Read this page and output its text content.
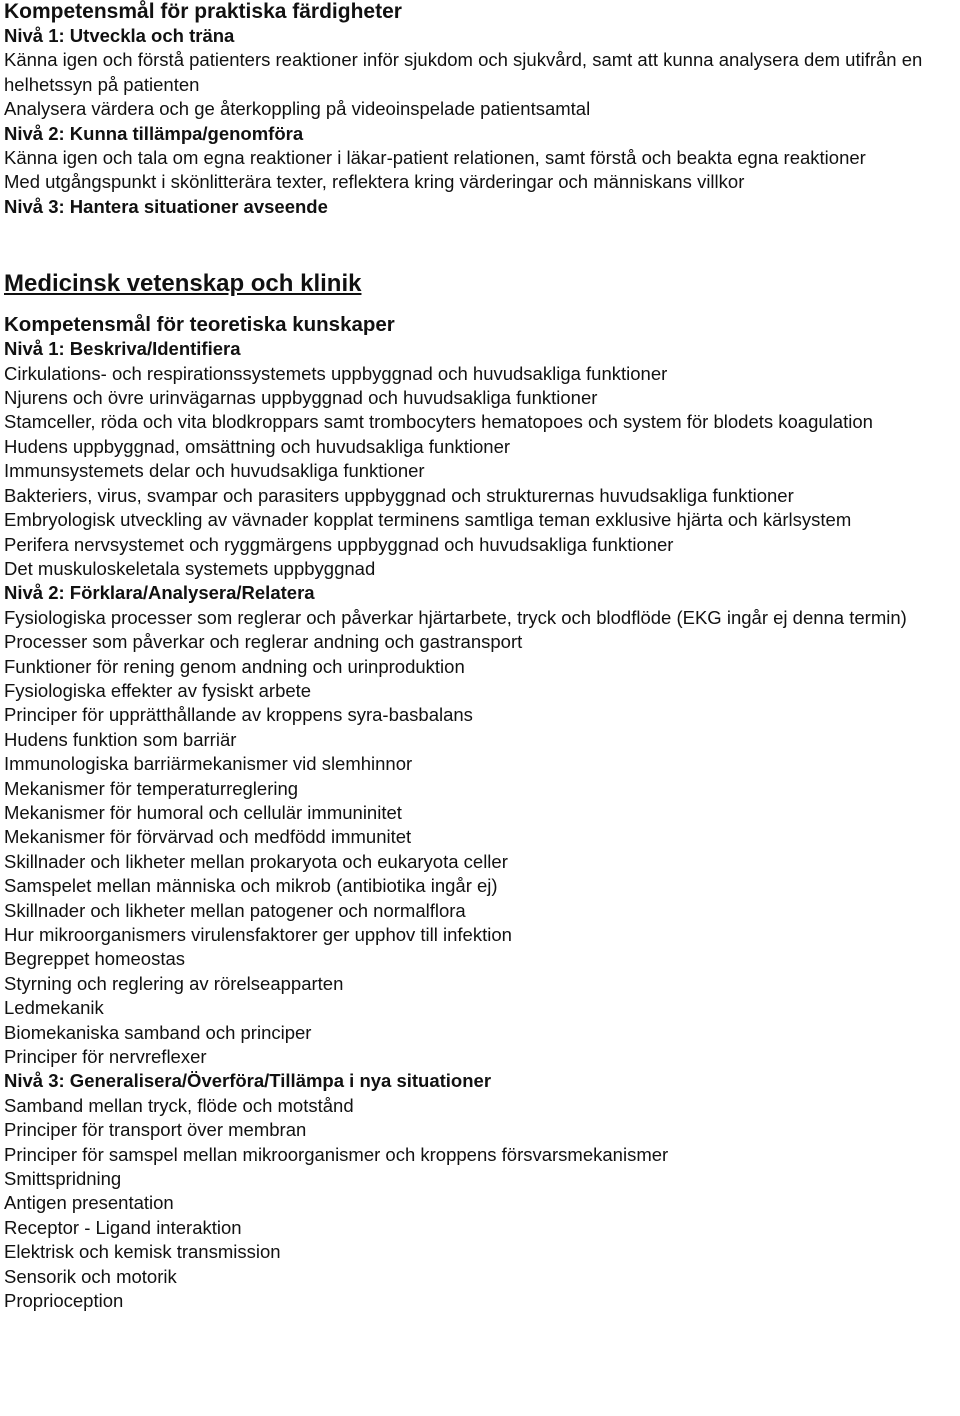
Kompetensmål för praktiska färdigheter
Nivå 1: Utveckla och träna
Känna igen och förstå patienters reaktioner inför sjukdom och sjukvård, samt att kunna analysera dem utifrån en helhetssyn på patienten
Analysera värdera och ge återkoppling på videoinspelade patientsamtal
Nivå 2: Kunna tillämpa/genomföra
Känna igen och tala om egna reaktioner i läkar-patient relationen, samt förstå och beakta egna reaktioner
Med utgångspunkt i skönlitterära texter, reflektera kring värderingar och människans villkor
Nivå 3: Hantera situationer avseende
Medicinsk vetenskap och klinik
Kompetensmål för teoretiska kunskaper
Nivå 1: Beskriva/Identifiera
Cirkulations- och respirationssystemets uppbyggnad och huvudsakliga funktioner
Njurens och övre urinvägarnas uppbyggnad och huvudsakliga funktioner
Stamceller, röda och vita blodkroppars samt trombocyters hematopoes och system för blodets koagulation
Hudens uppbyggnad, omsättning och huvudsakliga funktioner
Immunsystemets delar och huvudsakliga funktioner
Bakteriers, virus, svampar och parasiters uppbyggnad och strukturernas huvudsakliga funktioner
Embryologisk utveckling av vävnader kopplat terminens samtliga teman exklusive hjärta och kärlsystem
Perifera nervsystemet och ryggmärgens uppbyggnad och huvudsakliga funktioner
Det muskuloskeletala systemets uppbyggnad
Nivå 2: Förklara/Analysera/Relatera
Fysiologiska processer som reglerar och påverkar hjärtarbete, tryck och blodflöde (EKG ingår ej denna termin)
Processer som påverkar och reglerar andning och gastransport
Funktioner för rening genom andning och urinproduktion
Fysiologiska effekter av fysiskt arbete
Principer för upprätthållande av kroppens syra-basbalans
Hudens funktion som barriär
Immunologiska barriärmekanismer vid slemhinnor
Mekanismer för temperaturreglering
Mekanismer för humoral och cellulär immuninitet
Mekanismer för förvärvad och medfödd immunitet
Skillnader och likheter mellan prokaryota och eukaryota celler
Samspelet mellan människa och mikrob (antibiotika ingår ej)
Skillnader och likheter mellan patogener och normalflora
Hur mikroorganismers virulensfaktorer ger upphov till infektion
Begreppet homeostas
Styrning och reglering av rörelseapparten
Ledmekanik
Biomekaniska samband och principer
Principer för nervreflexer
Nivå 3: Generalisera/Överföra/Tillämpa i nya situationer
Samband mellan tryck, flöde och motstånd
Principer för transport över membran
Principer för samspel mellan mikroorganismer och kroppens försvarsmekanismer
Smittspridning
Antigen presentation
Receptor - Ligand interaktion
Elektrisk och kemisk transmission
Sensorik och motorik
Proprioception
